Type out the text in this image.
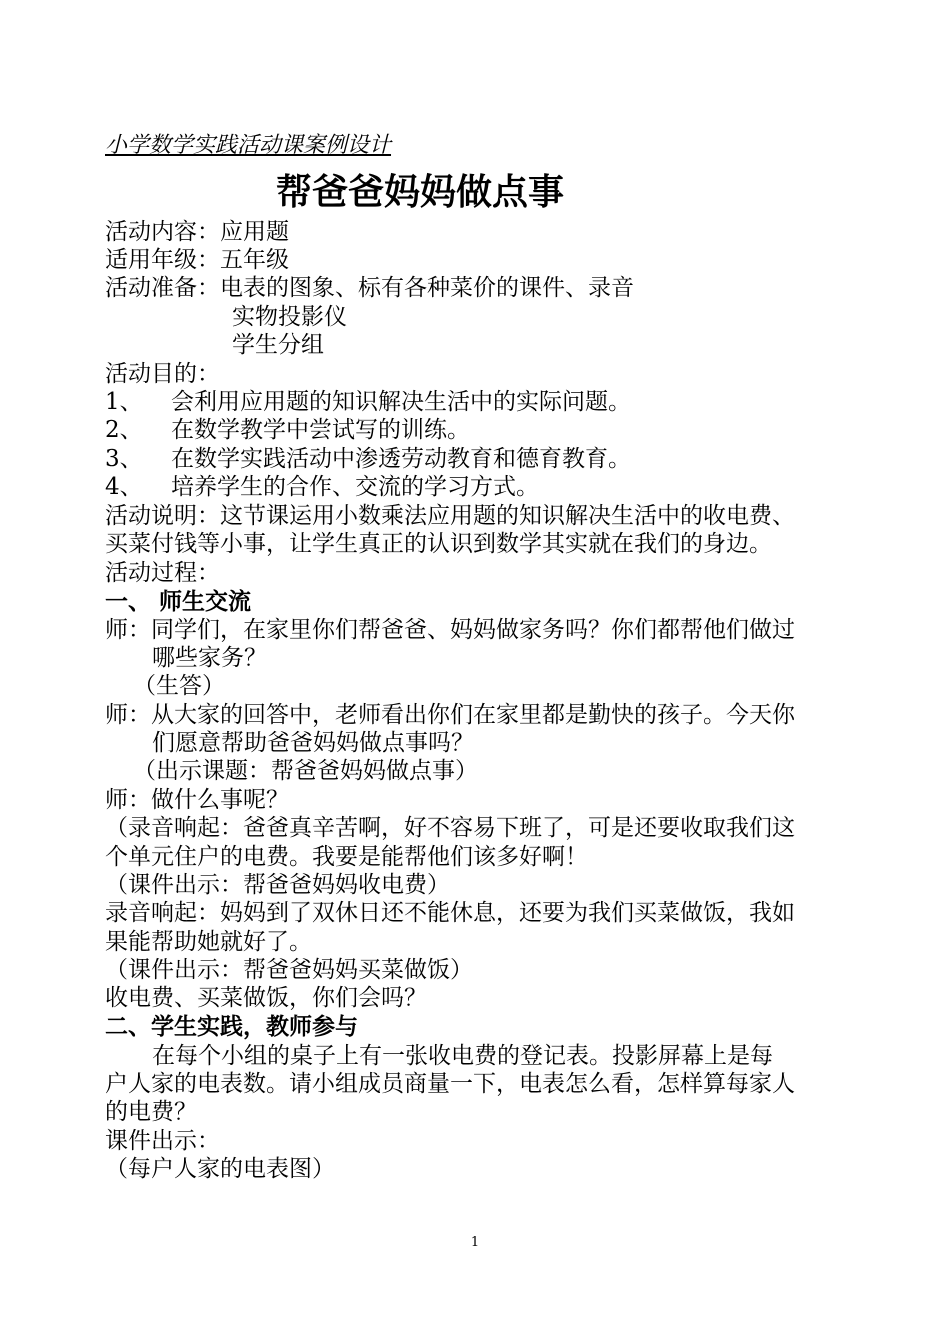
小学数学实践活动课案例设计
帮爸爸妈妈做点事
活动内容：应用题
适用年级：五年级
活动准备：电表的图象、标有各种菜价的课件、录音
实物投影仪
学生分组
活动目的：
1、 会利用应用题的知识解决生活中的实际问题。
2、 在数学教学中尝试写的训练。
3、 在数学实践活动中渗透劳动教育和德育教育。
4、 培养学生的合作、交流的学习方式。
活动说明：这节课运用小数乘法应用题的知识解决生活中的收电费、
买菜付钱等小事，让学生真正的认识到数学其实就在我们的身边。
活动过程：
一、 师生交流
师：同学们，在家里你们帮爸爸、妈妈做家务吗？你们都帮他们做过
哪些家务？
（生答）
师：从大家的回答中，老师看出你们在家里都是勤快的孩子。今天你
们愿意帮助爸爸妈妈做点事吗？
（出示课题：帮爸爸妈妈做点事）
师：做什么事呢？
（录音响起：爸爸真辛苦啊，好不容易下班了，可是还要收取我们这
个单元住户的电费。我要是能帮他们该多好啊！
（课件出示：帮爸爸妈妈收电费）
录音响起：妈妈到了双休日还不能休息，还要为我们买菜做饭，我如
果能帮助她就好了。
（课件出示：帮爸爸妈妈买菜做饭）
收电费、买菜做饭，你们会吗？
二、学生实践，教师参与
在每个小组的桌子上有一张收电费的登记表。投影屏幕上是每
户人家的电表数。请小组成员商量一下，电表怎么看，怎样算每家人
的电费？
课件出示：
（每户人家的电表图）
1
